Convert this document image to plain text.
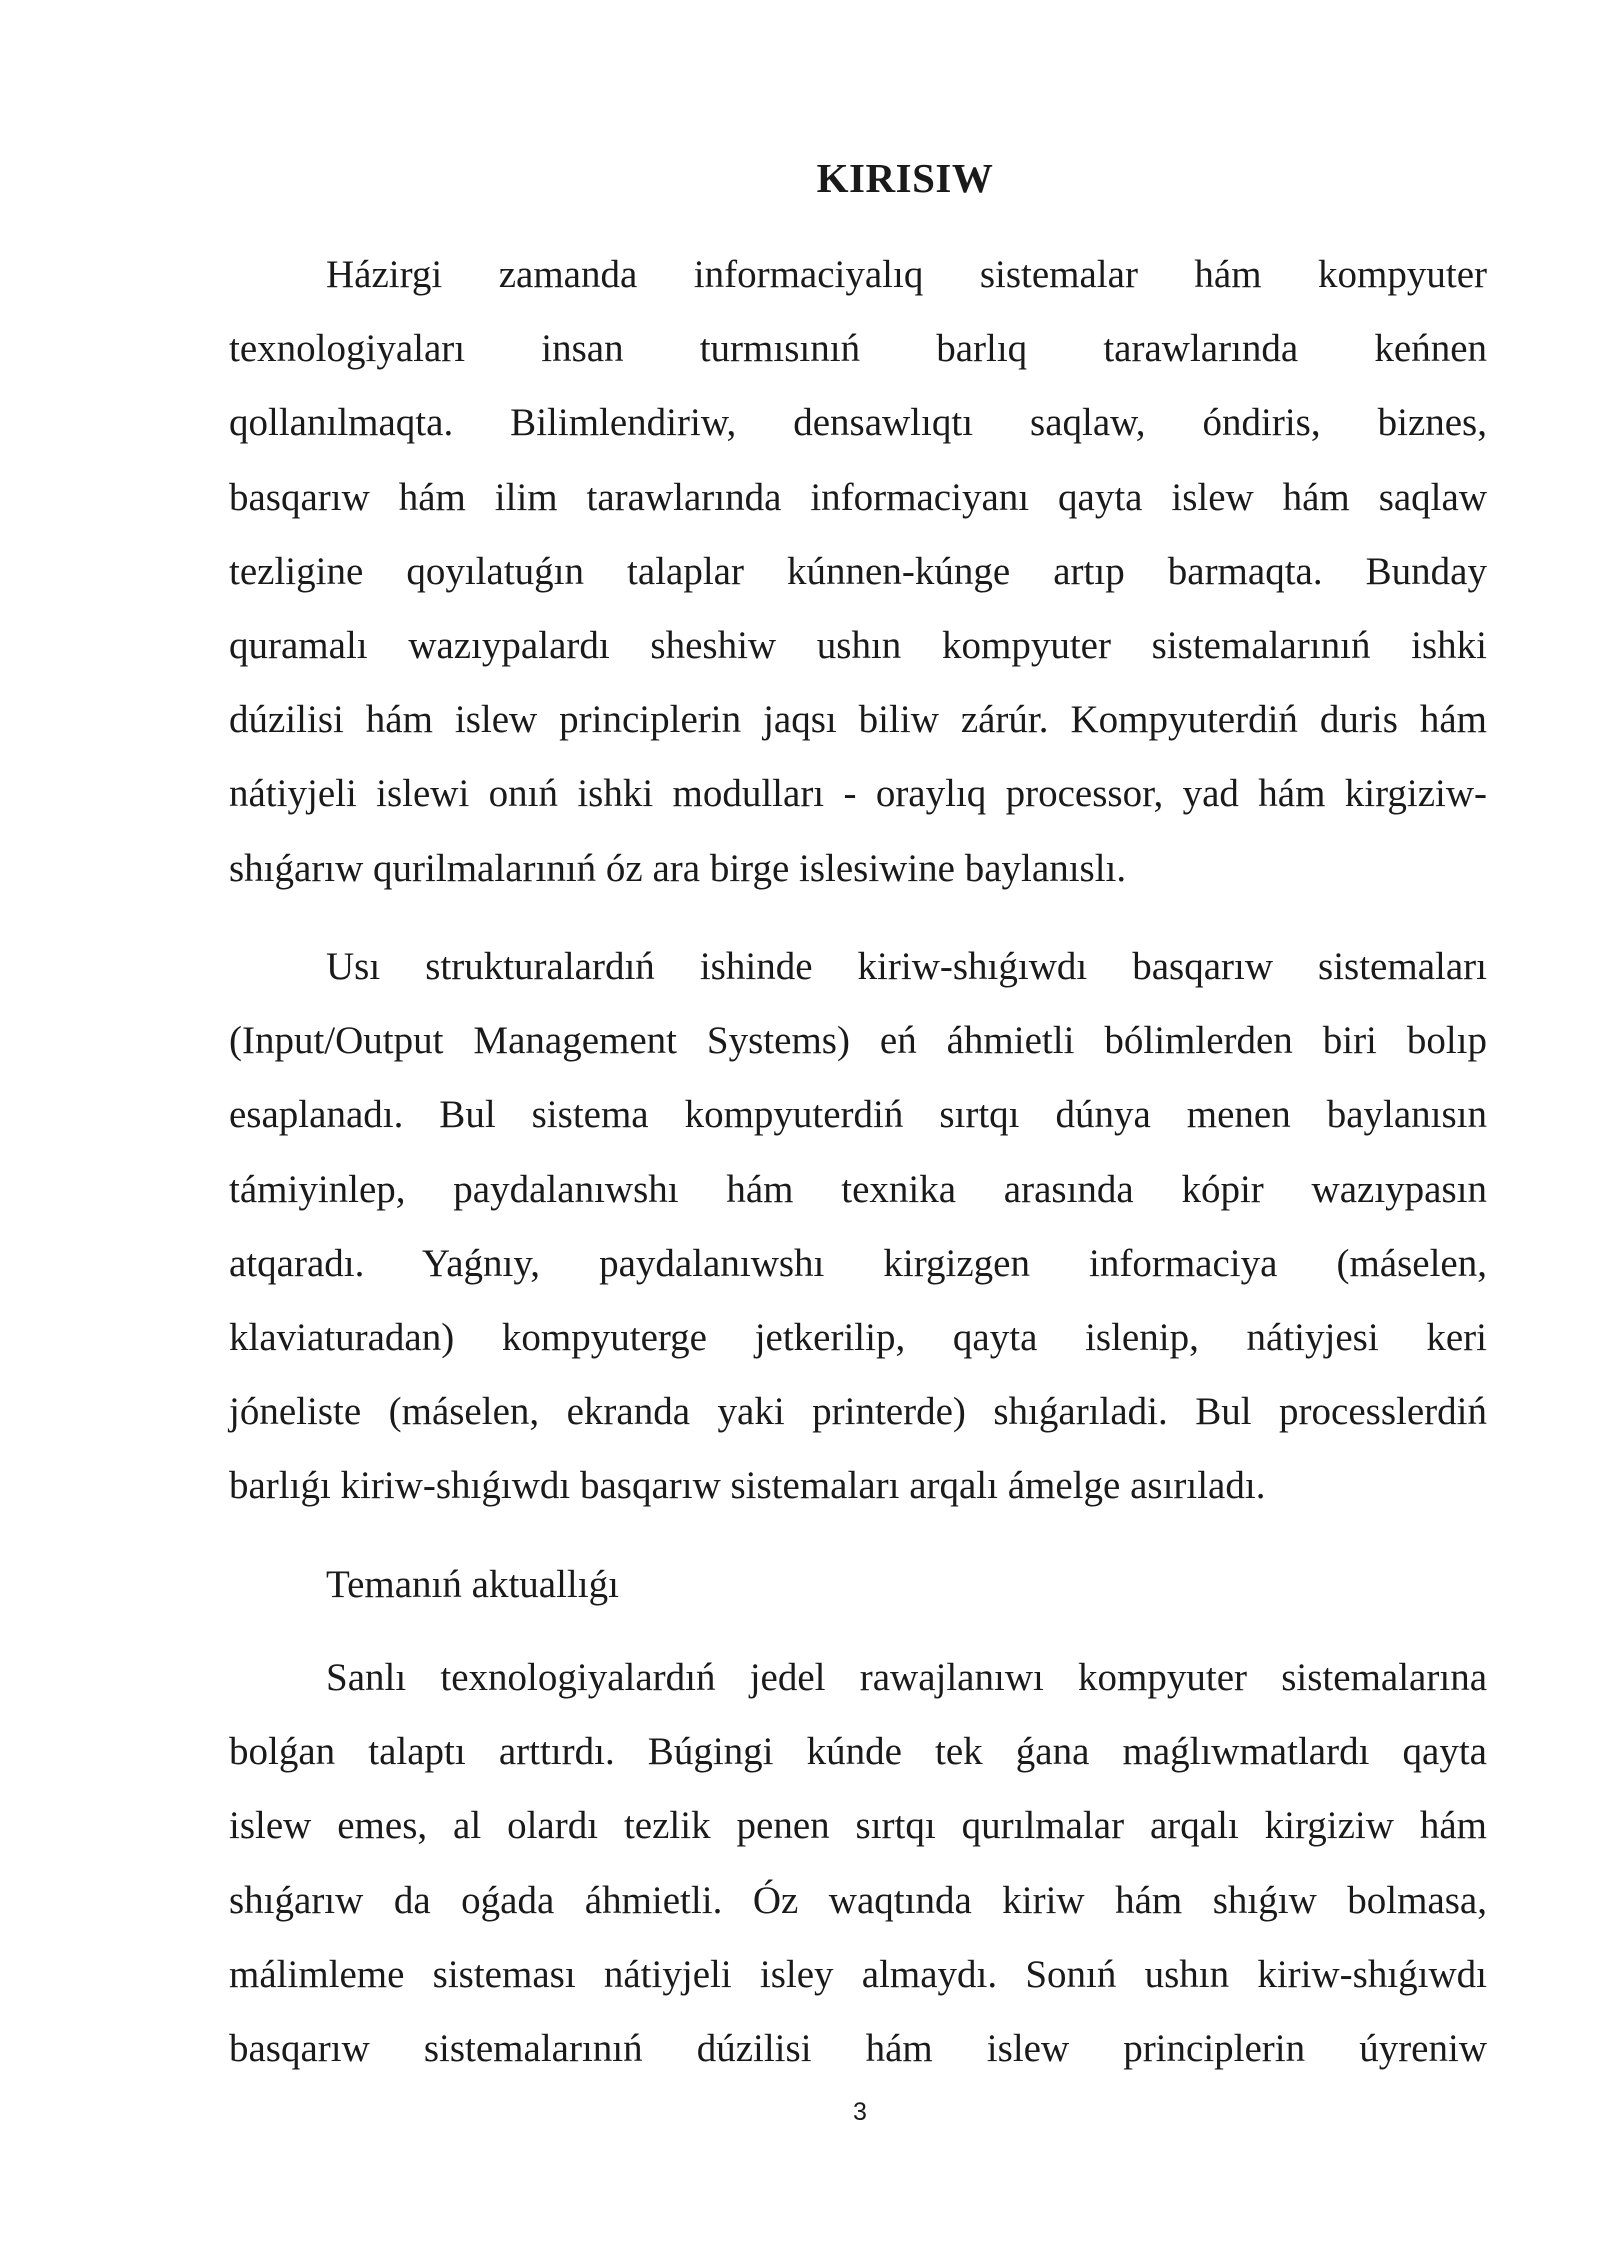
KIRISIW
Házirgi zamanda informaciyalıq sistemalar hám kompyuter
texnologiyaları insan turmısınıń barlıq tarawlarında keńnen
qollanılmaqta. Bilimlendiriw, densawlıqtı saqlaw, óndiris, biznes,
basqarıw hám ilim tarawlarında informaciyanı qayta islew hám saqlaw
tezligine qoyılatuǵın talaplar kúnnen-kúnge artıp barmaqta. Bunday
quramalı wazıypalardı sheshiw ushın kompyuter sistemalarınıń ishki
dúzilisi hám islew principlerin jaqsı biliw zárúr. Kompyuterdiń duris hám
nátiyjeli islewi onıń ishki modulları - oraylıq processor, yad hám kirgiziw-
shıǵarıw qurilmalarınıń óz ara birge islesiwine baylanıslı.
Usı strukturalardıń ishinde kiriw-shıǵıwdı basqarıw sistemaları
(Input/Output Management Systems) eń áhmietli bólimlerden biri bolıp
esaplanadı. Bul sistema kompyuterdiń sırtqı dúnya menen baylanısın
támiyinlep, paydalanıwshı hám texnika arasında kópir wazıypasın
atqaradı. Yaǵnıy, paydalanıwshı kirgizgen informaciya (máselen,
klaviaturadan) kompyuterge jetkerilip, qayta islenip, nátiyjesi keri
jóneliste (máselen, ekranda yaki printerde) shıǵarıladi. Bul processlerdiń
barlıǵı kiriw-shıǵıwdı basqarıw sistemaları arqalı ámelge asırıladı.
Temanıń aktuallıǵı
Sanlı texnologiyalardıń jedel rawajlanıwı kompyuter sistemalarına
bolǵan talaptı arttırdı. Búgingi kúnde tek ǵana maǵlıwmatlardı qayta
islew emes, al olardı tezlik penen sırtqı qurılmalar arqalı kirgiziw hám
shıǵarıw da oǵada áhmietli. Óz waqtında kiriw hám shıǵıw bolmasa,
málimleme sisteması nátiyjeli isley almaydı. Sonıń ushın kiriw-shıǵıwdı
basqarıw sistemalarınıń dúzilisi hám islew principlerin úyreniw
3
